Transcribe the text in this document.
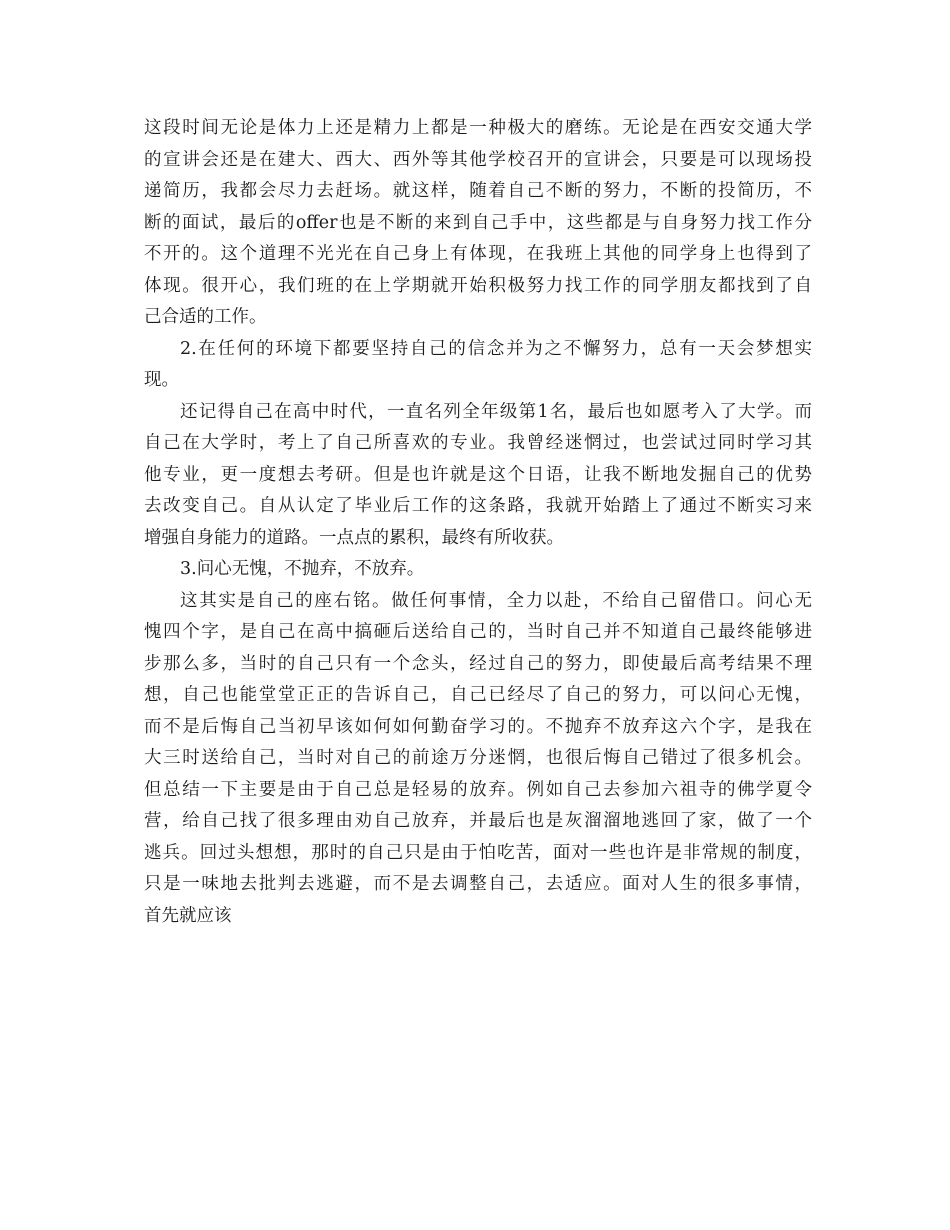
这段时间无论是体力上还是精力上都是一种极大的磨练。无论是在西安交通大学
的宣讲会还是在建大、西大、西外等其他学校召开的宣讲会，只要是可以现场投
递简历，我都会尽力去赶场。就这样，随着自己不断的努力，不断的投简历，不
断的面试，最后的offer也是不断的来到自己手中，这些都是与自身努力找工作分
不开的。这个道理不光光在自己身上有体现，在我班上其他的同学身上也得到了
体现。很开心，我们班的在上学期就开始积极努力找工作的同学朋友都找到了自
己合适的工作。
2.在任何的环境下都要坚持自己的信念并为之不懈努力，总有一天会梦想实
现。
还记得自己在高中时代，一直名列全年级第1名，最后也如愿考入了大学。而
自己在大学时，考上了自己所喜欢的专业。我曾经迷惘过，也尝试过同时学习其
他专业，更一度想去考研。但是也许就是这个日语，让我不断地发掘自己的优势
去改变自己。自从认定了毕业后工作的这条路，我就开始踏上了通过不断实习来
增强自身能力的道路。一点点的累积，最终有所收获。
3.问心无愧，不抛弃，不放弃。
这其实是自己的座右铭。做任何事情，全力以赴，不给自己留借口。问心无
愧四个字，是自己在高中搞砸后送给自己的，当时自己并不知道自己最终能够进
步那么多，当时的自己只有一个念头，经过自己的努力，即使最后高考结果不理
想，自己也能堂堂正正的告诉自己，自己已经尽了自己的努力，可以问心无愧，
而不是后悔自己当初早该如何如何勤奋学习的。不抛弃不放弃这六个字，是我在
大三时送给自己，当时对自己的前途万分迷惘，也很后悔自己错过了很多机会。
但总结一下主要是由于自己总是轻易的放弃。例如自己去参加六祖寺的佛学夏令
营，给自己找了很多理由劝自己放弃，并最后也是灰溜溜地逃回了家，做了一个
逃兵。回过头想想，那时的自己只是由于怕吃苦，面对一些也许是非常规的制度，
只是一味地去批判去逃避，而不是去调整自己，去适应。面对人生的很多事情，
首先就应该
